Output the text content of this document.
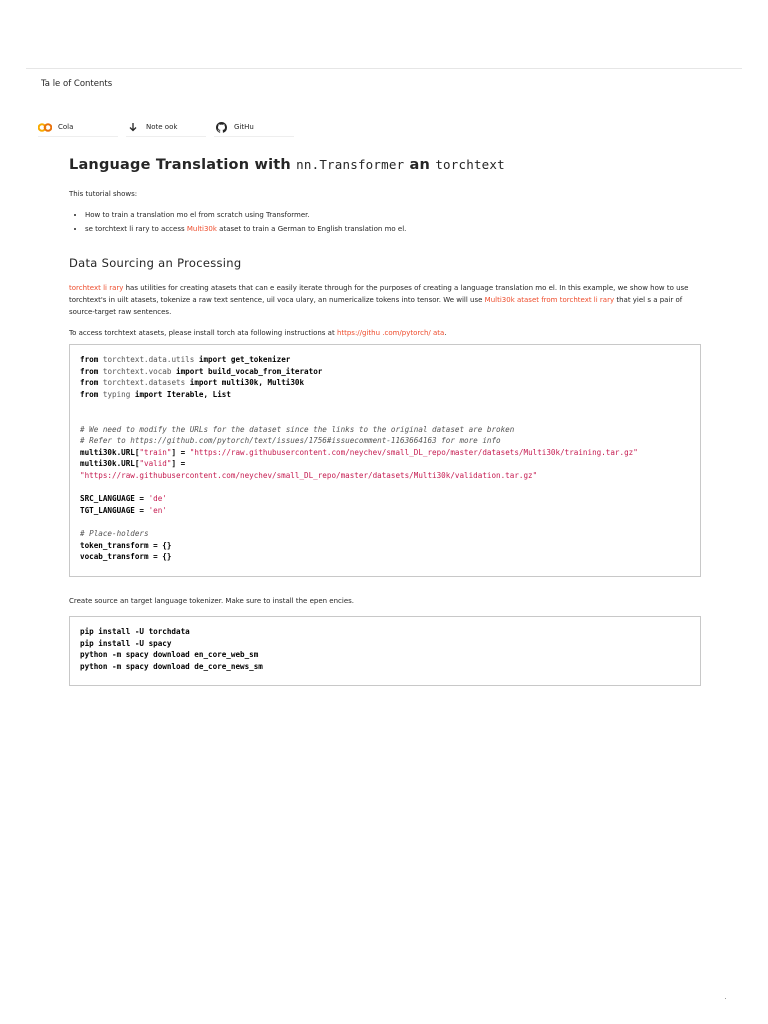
Ta le of Contents
Cola	Note ook	GitHu
Language Translation with nn.Transformer an torchtext

This tutorial shows:

• How to train a translation mo el from scratch using Transformer.
• se torchtext li rary to access Multi30k ataset to train a German to English translation mo el.
Data Sourcing an Processing

torchtext li rary has utilities for creating atasets that can e easily iterate through for the purposes of creating a language translation mo el. In this example, we show how to use torchtext's in uilt atasets, tokenize a raw text sentence, uil voca ulary, an numericalize tokens into tensor. We will use Multi30k ataset from torchtext li rary that yiel s a pair of source-target raw sentences.

To access torchtext atasets, please install torch ata following instructions at https://githu .com/pytorch/ ata.

from torchtext.data.utils import get_tokenizer
from torchtext.vocab import build_vocab_from_iterator
from torchtext.datasets import multi30k, Multi30k
from typing import Iterable, List

# We need to modify the URLs for the dataset since the links to the original dataset are broken
# Refer to https://github.com/pytorch/text/issues/1756#issuecomment-1163664163 for more info
multi30k.URL["train"] = "https://raw.githubusercontent.com/neychev/small_DL_repo/master/datasets/Multi30k/training.tar.gz"
multi30k.URL["valid"] =
"https://raw.githubusercontent.com/neychev/small_DL_repo/master/datasets/Multi30k/validation.tar.gz"

SRC_LANGUAGE = 'de'
TGT_LANGUAGE = 'en'

# Place-holders
token_transform = {}
vocab_transform = {}

Create source an target language tokenizer. Make sure to install the epen encies.

pip install -U torchdata
pip install -U spacy
python -m spacy download en_core_web_sm
python -m spacy download de_core_news_sm
